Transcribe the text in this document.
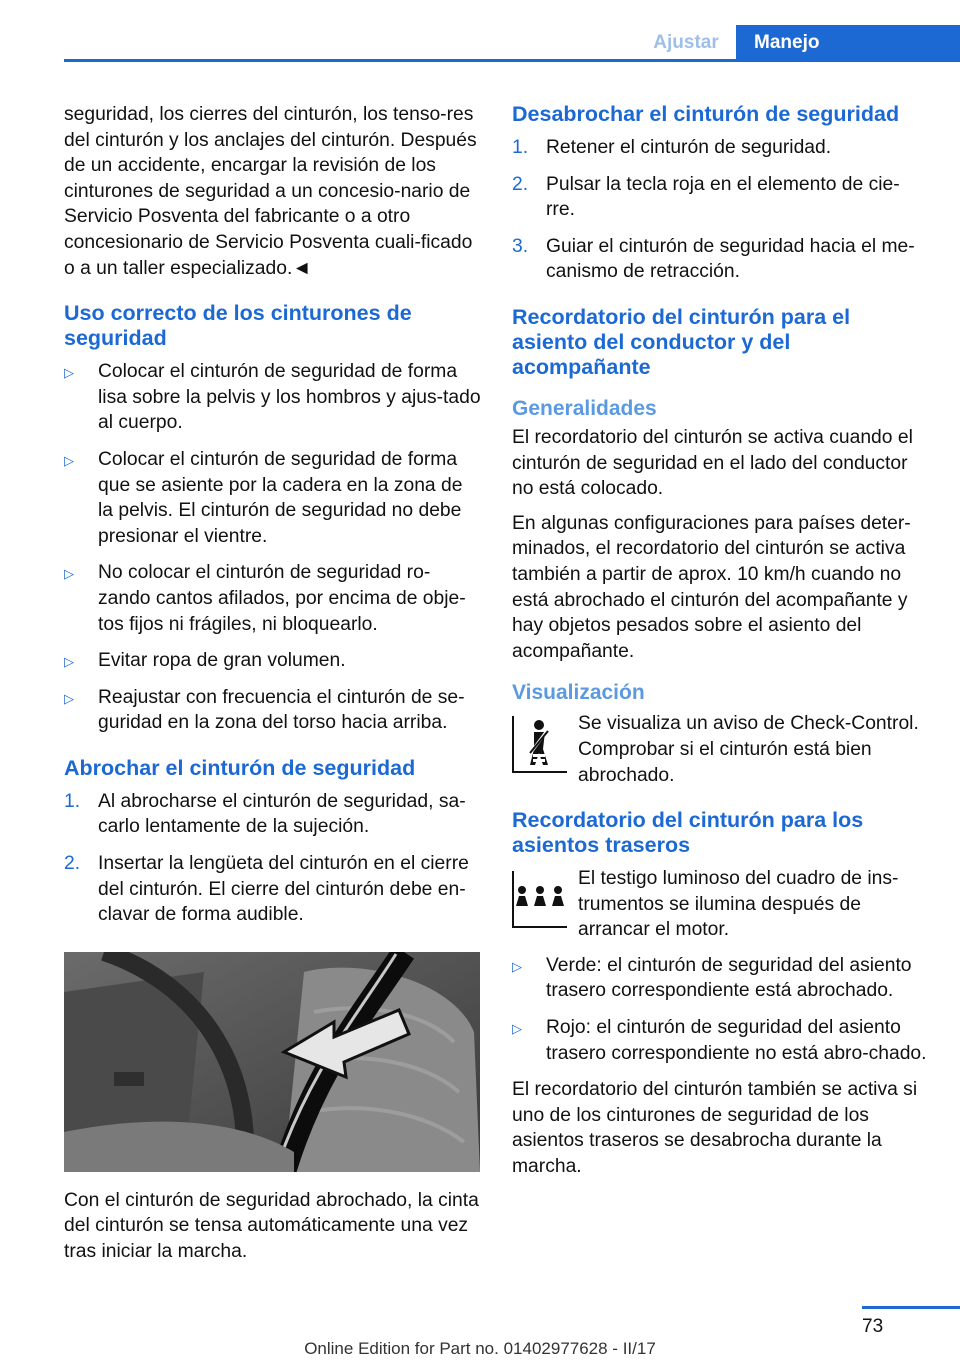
Ajustar	Manejo

seguridad, los cierres del cinturón, los tenso-res del cinturón y los anclajes del cinturón. Después de un accidente, encargar la revisión de los cinturones de seguridad a un concesio-nario de Servicio Posventa del fabricante o a otro concesionario de Servicio Posventa cuali-ficado o a un taller especializado.◄

Uso correcto de los cinturones de seguridad
▷ Colocar el cinturón de seguridad de forma lisa sobre la pelvis y los hombros y ajus-tado al cuerpo.
▷ Colocar el cinturón de seguridad de forma que se asiente por la cadera en la zona de la pelvis. El cinturón de seguridad no debe presionar el vientre.
▷ No colocar el cinturón de seguridad ro-zando cantos afilados, por encima de obje-tos fijos ni frágiles, ni bloquearlo.
▷ Evitar ropa de gran volumen.
▷ Reajustar con frecuencia el cinturón de se-guridad en la zona del torso hacia arriba.
Abrochar el cinturón de seguridad
1. Al abrocharse el cinturón de seguridad, sa-carlo lentamente de la sujeción.
2. Insertar la lengüeta del cinturón en el cierre del cinturón. El cierre del cinturón debe en-clavar de forma audible.

Con el cinturón de seguridad abrochado, la cinta del cinturón se tensa automáticamente una vez tras iniciar la marcha.

Desabrochar el cinturón de seguridad
1. Retener el cinturón de seguridad.
2. Pulsar la tecla roja en el elemento de cie-rre.
3. Guiar el cinturón de seguridad hacia el me-canismo de retracción.
Recordatorio del cinturón para el asiento del conductor y del acompañante
Generalidades

El recordatorio del cinturón se activa cuando el cinturón de seguridad en el lado del conductor no está colocado.

En algunas configuraciones para países deter-minados, el recordatorio del cinturón se activa también a partir de aprox. 10 km/h cuando no está abrochado el cinturón del acompañante y hay objetos pesados sobre el asiento del acompañante.

Visualización
Se visualiza un aviso de Check-Control. Comprobar si el cinturón está bien abrochado.
Recordatorio del cinturón para los asientos traseros
El testigo luminoso del cuadro de ins-trumentos se ilumina después de arrancar el motor.
▷ Verde: el cinturón de seguridad del asiento trasero correspondiente está abrochado.
▷ Rojo: el cinturón de seguridad del asiento trasero correspondiente no está abro-chado.

El recordatorio del cinturón también se activa si uno de los cinturones de seguridad de los asientos traseros se desabrocha durante la marcha.

73
Online Edition for Part no. 01402977628 - II/17
